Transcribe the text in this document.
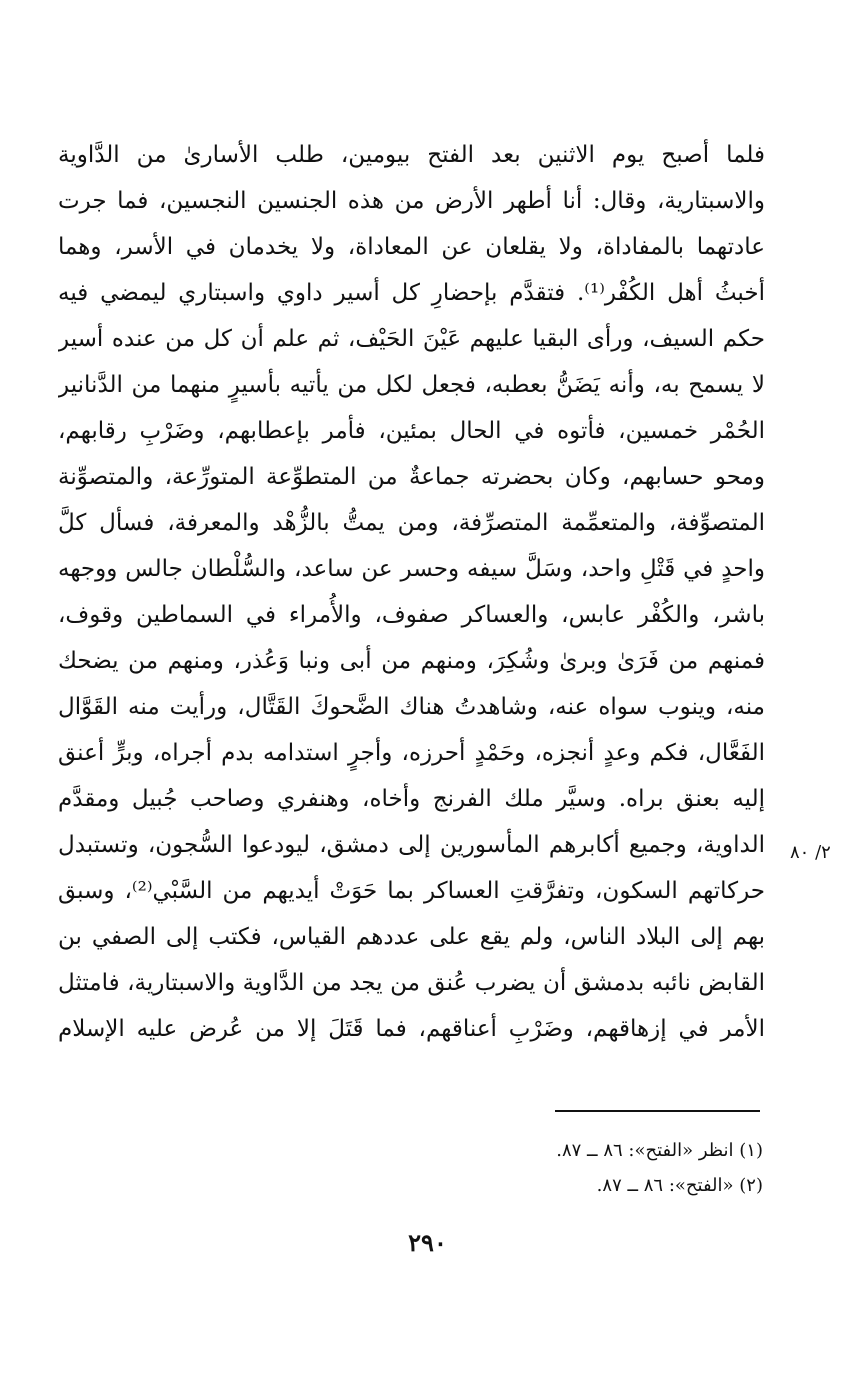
فلما أصبح يوم الاثنين بعد الفتح بيومين، طلب الأسارىٰ من الدَّاوية
والاسبتارية، وقال: أنا أطهر الأرض من هذه الجنسين النجسين، فما جرت
عادتهما بالمفاداة، ولا يقلعان عن المعاداة، ولا يخدمان في الأسر، وهما
أخبثُ أهل الكُفْر⁽¹⁾. فتقدَّم بإحضارِ كل أسير داوي واسبتاري ليمضي فيه
حكم السيف، ورأى البقيا عليهم عَيْنَ الحَيْف، ثم علم أن كل من عنده أسير
لا يسمح به، وأنه يَضَنُّ بعطبه، فجعل لكل من يأتيه بأسيرٍ منهما من الدَّنانير
الحُمْر خمسين، فأتوه في الحال بمئين، فأمر بإعطابهم، وضَرْبِ رقابهم،
ومحو حسابهم، وكان بحضرته جماعةٌ من المتطوِّعة المتورِّعة، والمتصوِّنة
المتصوِّفة، والمتعمِّمة المتصرِّفة، ومن يمتُّ بالزُّهْد والمعرفة، فسأل كلَّ
واحدٍ في قَتْلِ واحد، وسَلَّ سيفه وحسر عن ساعد، والسُّلْطان جالس ووجهه
باشر، والكُفْر عابس، والعساكر صفوف، والأُمراء في السماطين وقوف،
فمنهم من فَرَىٰ وبرىٰ وشُكِرَ، ومنهم من أبى ونبا وَعُذر، ومنهم من يضحك
منه، وينوب سواه عنه، وشاهدتُ هناك الضَّحوكَ القَتَّال، ورأيت منه القَوَّال
الفَعَّال، فكم وعدٍ أنجزه، وحَمْدٍ أحرزه، وأجرٍ استدامه بدم أجراه، وبرٍّ أعنق
إليه بعنق براه. وسيَّر ملك الفرنج وأخاه، وهنفري وصاحب جُبيل ومقدَّم
الداوية، وجميع أكابرهم المأسورين إلى دمشق، ليودعوا السُّجون، وتستبدل
حركاتهم السكون، وتفرَّقتِ العساكر بما حَوَتْ أيديهم من السَّبْي⁽²⁾، وسبق
بهم إلى البلاد الناس، ولم يقع على عددهم القياس، فكتب إلى الصفي بن
القابض نائبه بدمشق أن يضرب عُنق من يجد من الدَّاوية والاسبتارية، فامتثل
الأمر في إزهاقهم، وضَرْبِ أعناقهم، فما قَتَلَ إلا من عُرض عليه الإسلام
٢/ ٨٠
(١) انظر «الفتح»: ٨٦ ــ ٨٧.
(٢) «الفتح»: ٨٦ ــ ٨٧.
٢٩٠
